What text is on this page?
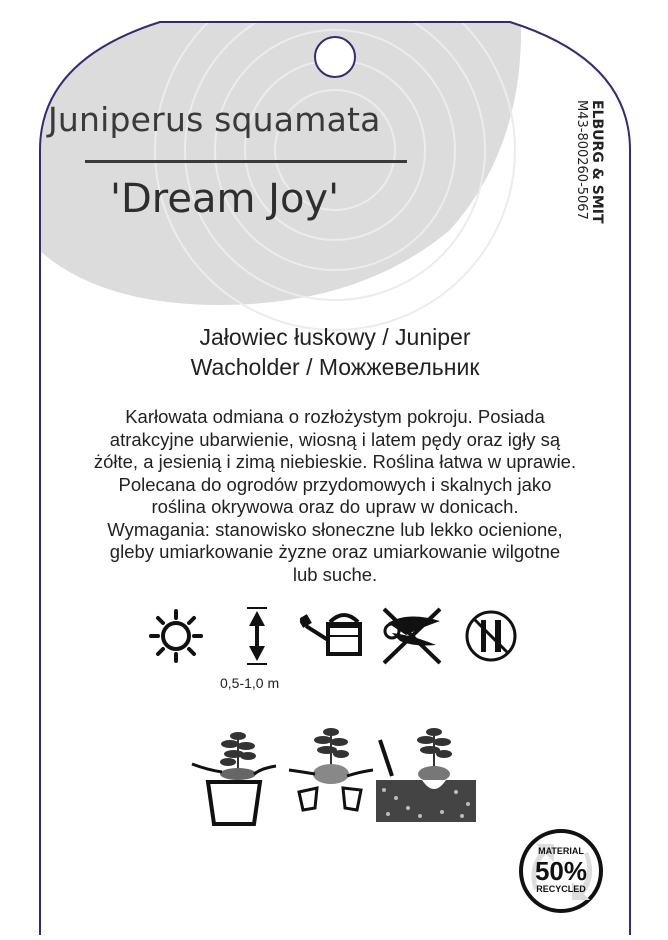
Juniperus squamata
'Dream Joy'	ELBURG & SMIT
M43-800260-5067
Jałowiec łuskowy / Juniper
Wacholder / Можжевельник
Karłowata odmiana o rozłożystym pokroju. Posiada
atrakcyjne ubarwienie, wiosną i latem pędy oraz igły są
żółte, a jesienią i zimą niebieskie. Roślina łatwa w uprawie.
Polecana do ogrodów przydomowych i skalnych jako
roślina okrywowa oraz do upraw w donicach.
Wymagania: stanowisko słoneczne lub lekko ocienione,
gleby umiarkowanie żyzne oraz umiarkowanie wilgotne
lub suche.
0,5-1,0 m
MATERIAL
50%
RECYCLED
